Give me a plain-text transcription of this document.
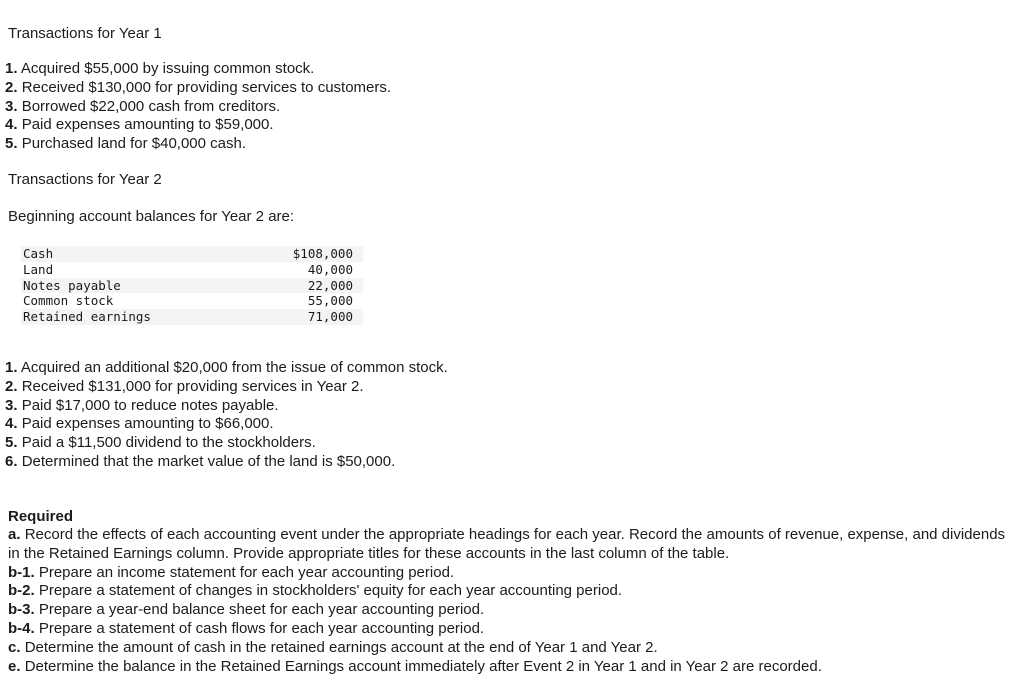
Transactions for Year 1

1. Acquired $55,000 by issuing common stock.
2. Received $130,000 for providing services to customers.
3. Borrowed $22,000 cash from creditors.
4. Paid expenses amounting to $59,000.
5. Purchased land for $40,000 cash.

Transactions for Year 2

Beginning account balances for Year 2 are:

Cash	$108,000
Land	40,000
Notes payable	22,000
Common stock	55,000
Retained earnings	71,000
1. Acquired an additional $20,000 from the issue of common stock.
2. Received $131,000 for providing services in Year 2.
3. Paid $17,000 to reduce notes payable.
4. Paid expenses amounting to $66,000.
5. Paid a $11,500 dividend to the stockholders.
6. Determined that the market value of the land is $50,000.

Required

a. Record the effects of each accounting event under the appropriate headings for each year. Record the amounts of revenue, expense, and dividends in the Retained Earnings column. Provide appropriate titles for these accounts in the last column of the table.
b-1. Prepare an income statement for each year accounting period.
b-2. Prepare a statement of changes in stockholders' equity for each year accounting period.
b-3. Prepare a year-end balance sheet for each year accounting period.
b-4. Prepare a statement of cash flows for each year accounting period.
c. Determine the amount of cash in the retained earnings account at the end of Year 1 and Year 2.
e. Determine the balance in the Retained Earnings account immediately after Event 2 in Year 1 and in Year 2 are recorded.
